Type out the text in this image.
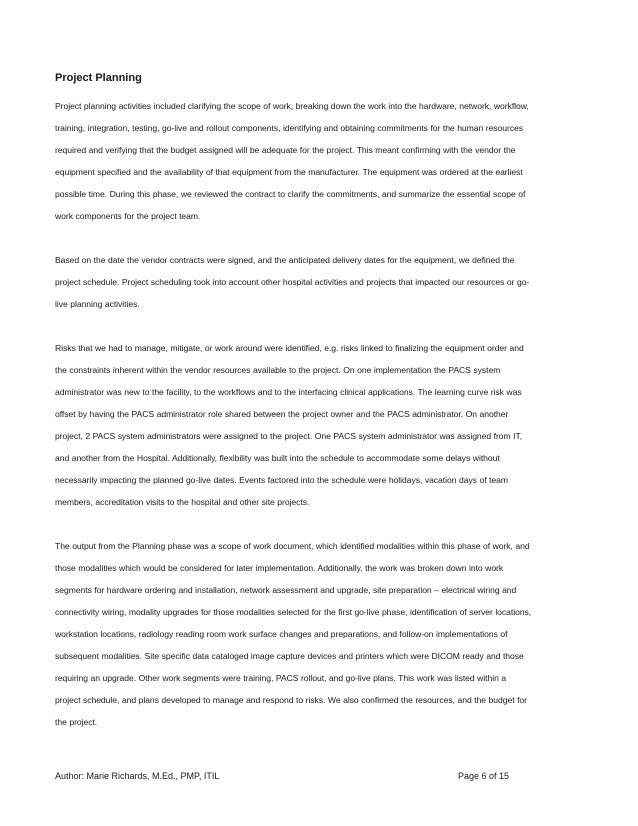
Project Planning

Project planning activities included clarifying the scope of work, breaking down the work into the hardware, network, workflow,
training, integration, testing, go-live and rollout components, identifying and obtaining commitments for the human resources
required and verifying that the budget assigned will be adequate for the project. This meant confirming with the vendor the
equipment specified and the availability of that equipment from the manufacturer. The equipment was ordered at the earliest
possible time. During this phase, we reviewed the contract to clarify the commitments, and summarize the essential scope of
work components for the project team.

Based on the date the vendor contracts were signed, and the anticipated delivery dates for the equipment, we defined the
project schedule. Project scheduling took into account other hospital activities and projects that impacted our resources or go-
live planning activities.

Risks that we had to manage, mitigate, or work around were identified, e.g. risks linked to finalizing the equipment order and
the constraints inherent within the vendor resources available to the project. On one implementation the PACS system
administrator was new to the facility, to the workflows and to the interfacing clinical applications. The learning curve risk was
offset by having the PACS administrator role shared between the project owner and the PACS administrator. On another
project, 2 PACS system administrators were assigned to the project. One PACS system administrator was assigned from IT,
and another from the Hospital. Additionally, flexibility was built into the schedule to accommodate some delays without
necessarily impacting the planned go-live dates. Events factored into the schedule were holidays, vacation days of team
members, accreditation visits to the hospital and other site projects.

The output from the Planning phase was a scope of work document, which identified modalities within this phase of work, and
those modalities which would be considered for later implementation. Additionally, the work was broken down into work
segments for hardware ordering and installation, network assessment and upgrade, site preparation – electrical wiring and
connectivity wiring, modality upgrades for those modalities selected for the first go-live phase, identification of server locations,
workstation locations, radiology reading room work surface changes and preparations, and follow-on implementations of
subsequent modalities. Site specific data cataloged image capture devices and printers which were DICOM ready and those
requiring an upgrade. Other work segments were training, PACS rollout, and go-live plans. This work was listed within a
project schedule, and plans developed to manage and respond to risks. We also confirmed the resources, and the budget for
the project.

Author: Marie Richards, M.Ed., PMP, ITIL	Page 6 of 15
